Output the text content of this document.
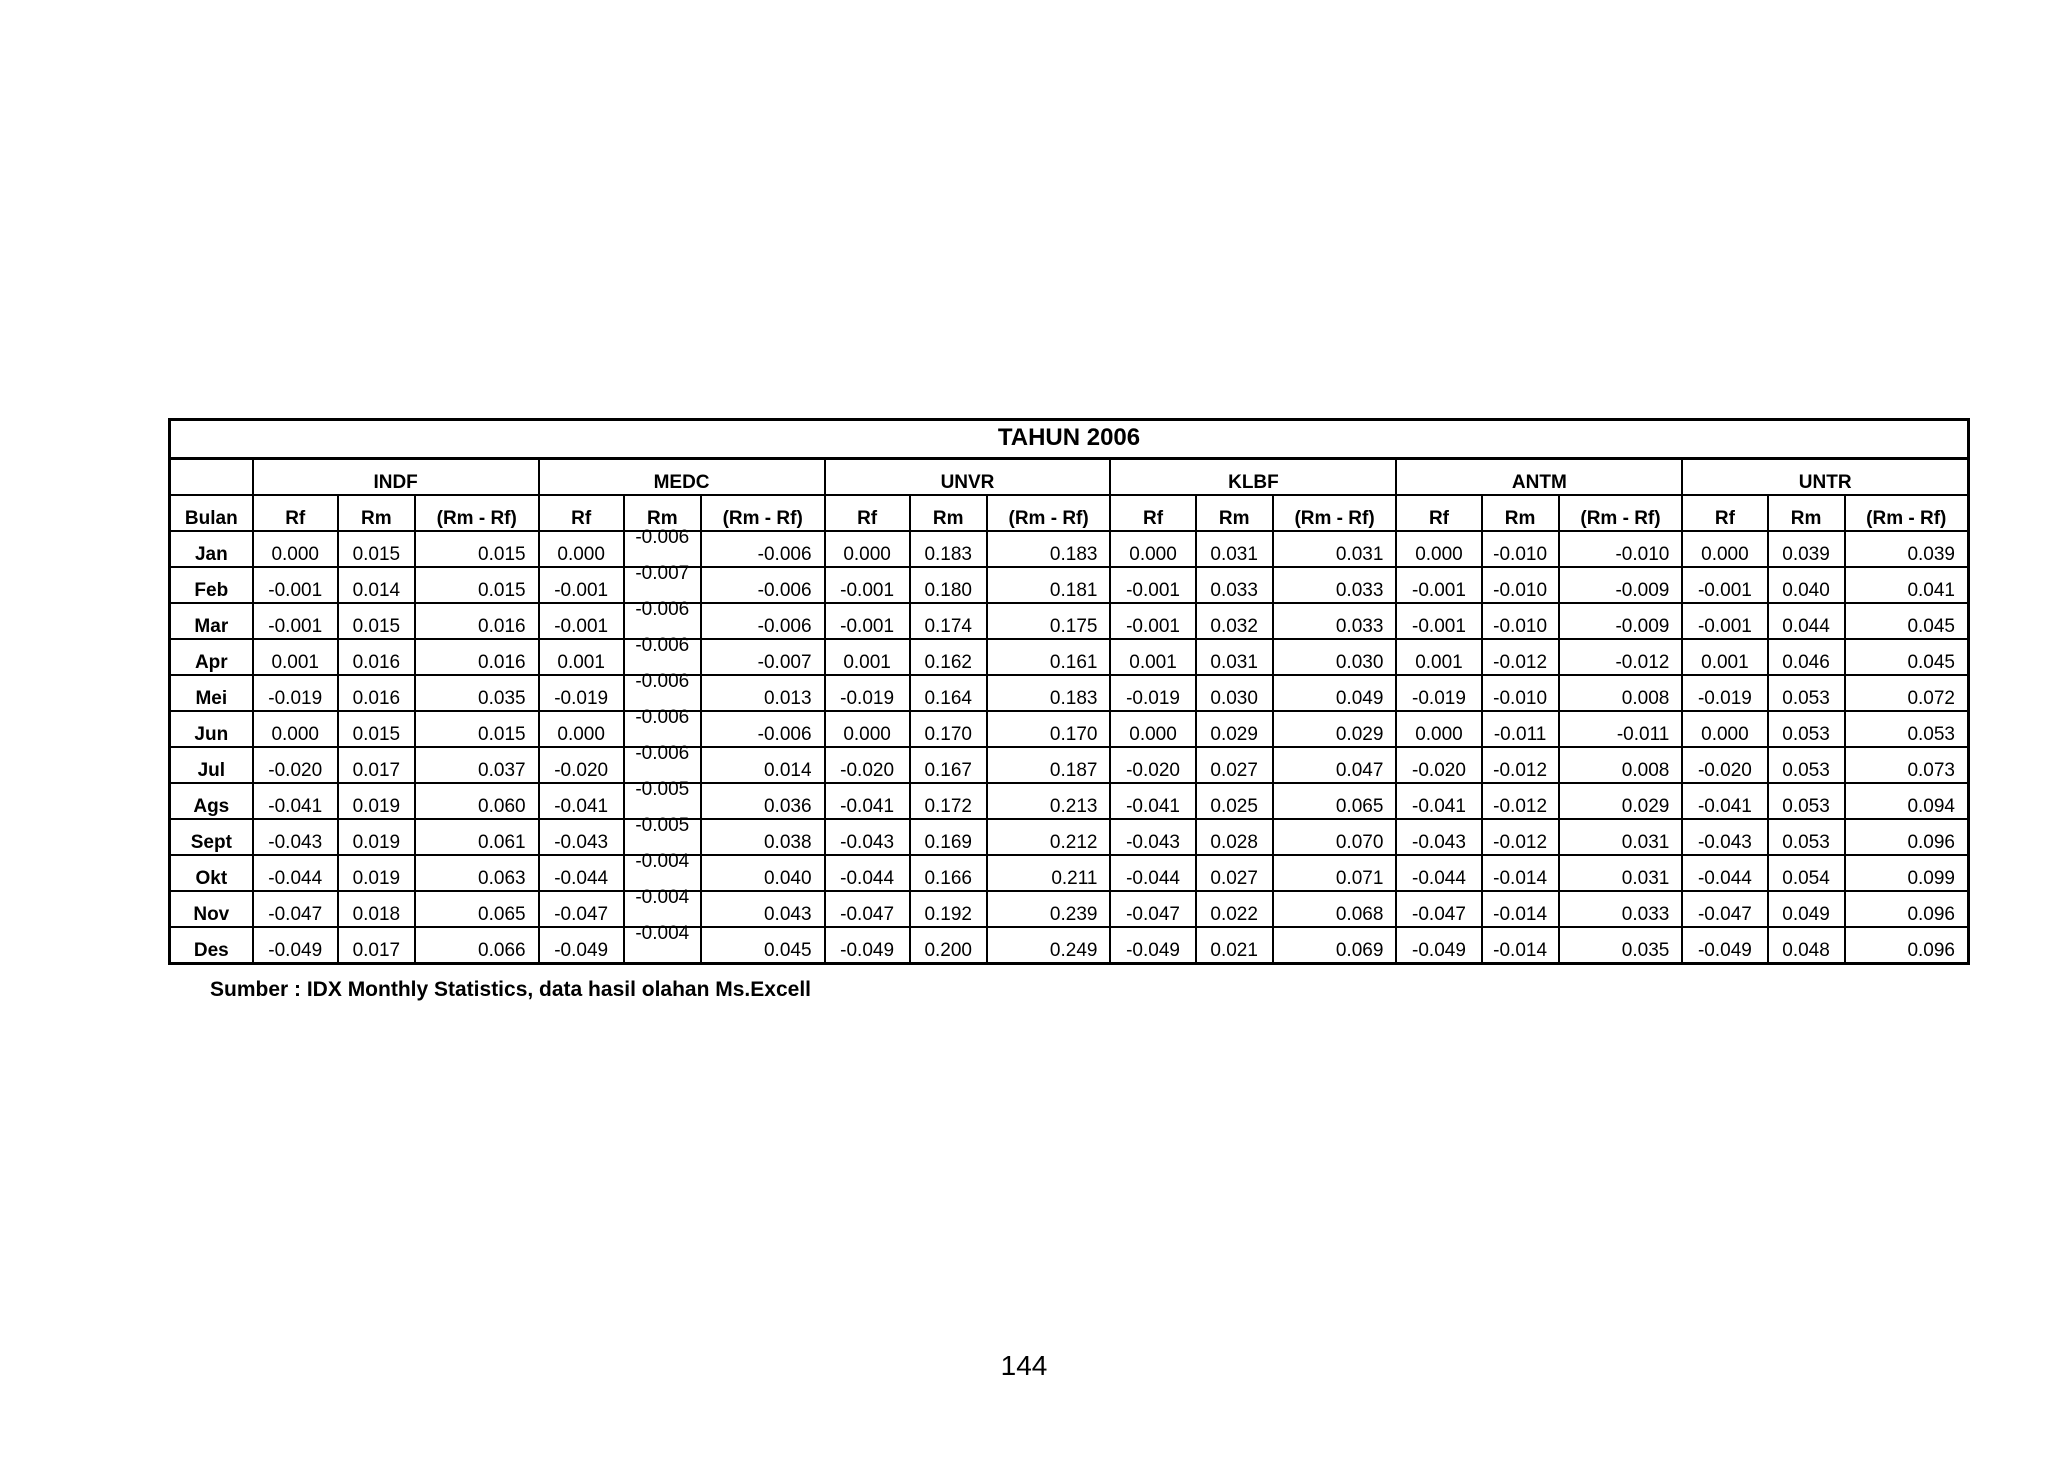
TAHUN 2006																		
	INDF			MEDC			UNVR			KLBF			ANTM			UNTR		
Bulan	Rf	Rm	(Rm - Rf)	Rf	Rm	(Rm - Rf)	Rf	Rm	(Rm - Rf)	Rf	Rm	(Rm - Rf)	Rf	Rm	(Rm - Rf)	Rf	Rm	(Rm - Rf)
Jan	0.000	0.015	0.015	0.000	-0.006	-0.006	0.000	0.183	0.183	0.000	0.031	0.031	0.000	-0.010	-0.010	0.000	0.039	0.039
Feb	-0.001	0.014	0.015	-0.001	-0.007	-0.006	-0.001	0.180	0.181	-0.001	0.033	0.033	-0.001	-0.010	-0.009	-0.001	0.040	0.041
Mar	-0.001	0.015	0.016	-0.001	-0.006	-0.006	-0.001	0.174	0.175	-0.001	0.032	0.033	-0.001	-0.010	-0.009	-0.001	0.044	0.045
Apr	0.001	0.016	0.016	0.001	-0.006	-0.007	0.001	0.162	0.161	0.001	0.031	0.030	0.001	-0.012	-0.012	0.001	0.046	0.045
Mei	-0.019	0.016	0.035	-0.019	-0.006	0.013	-0.019	0.164	0.183	-0.019	0.030	0.049	-0.019	-0.010	0.008	-0.019	0.053	0.072
Jun	0.000	0.015	0.015	0.000	-0.006	-0.006	0.000	0.170	0.170	0.000	0.029	0.029	0.000	-0.011	-0.011	0.000	0.053	0.053
Jul	-0.020	0.017	0.037	-0.020	-0.006	0.014	-0.020	0.167	0.187	-0.020	0.027	0.047	-0.020	-0.012	0.008	-0.020	0.053	0.073
Ags	-0.041	0.019	0.060	-0.041	-0.005	0.036	-0.041	0.172	0.213	-0.041	0.025	0.065	-0.041	-0.012	0.029	-0.041	0.053	0.094
Sept	-0.043	0.019	0.061	-0.043	-0.005	0.038	-0.043	0.169	0.212	-0.043	0.028	0.070	-0.043	-0.012	0.031	-0.043	0.053	0.096
Okt	-0.044	0.019	0.063	-0.044	-0.004	0.040	-0.044	0.166	0.211	-0.044	0.027	0.071	-0.044	-0.014	0.031	-0.044	0.054	0.099
Nov	-0.047	0.018	0.065	-0.047	-0.004	0.043	-0.047	0.192	0.239	-0.047	0.022	0.068	-0.047	-0.014	0.033	-0.047	0.049	0.096
Des	-0.049	0.017	0.066	-0.049	-0.004	0.045	-0.049	0.200	0.249	-0.049	0.021	0.069	-0.049	-0.014	0.035	-0.049	0.048	0.096
Sumber : IDX Monthly Statistics, data hasil olahan Ms.Excell
144
